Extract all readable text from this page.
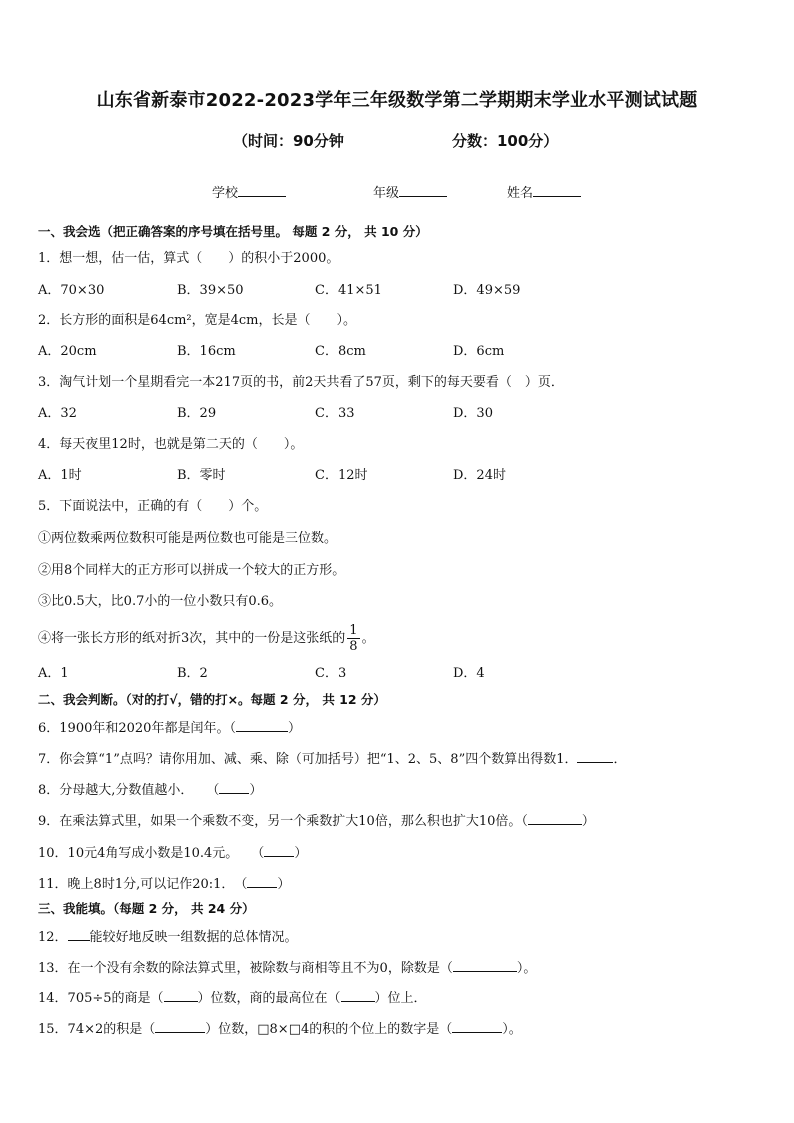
山东省新泰市2022-2023学年三年级数学第二学期期末学业水平测试试题
（时间：90分钟	分数：100分）
学校	年级	姓名
一、我会选（把正确答案的序号填在括号里。 每题 2 分， 共 10 分）
1．想一想，估一估，算式（　　）的积小于2000。
A．70×30	B．39×50	C．41×51	D．49×59
2．长方形的面积是64cm²，宽是4cm，长是（　　）。
A．20cm	B．16cm	C．8cm	D．6cm
3．淘气计划一个星期看完一本217页的书，前2天共看了57页，剩下的每天要看（　）页．
A．32	B．29	C．33	D．30
4．每天夜里12时，也就是第二天的（　　）。
A．1时	B．零时	C．12时	D．24时
5．下面说法中，正确的有（　　）个。
①两位数乘两位数积可能是两位数也可能是三位数。
②用8个同样大的正方形可以拼成一个较大的正方形。
③比0.5大，比0.7小的一位小数只有0.6。
④将一张长方形的纸对折3次，其中的一份是这张纸的 $\frac{1}{8}$ 。
A．1	B．2	C．3	D．4
二、我会判断。（对的打√，错的打×。每题 2 分， 共 12 分）
6．1900年和2020年都是闰年。（	）
7．你会算“1”点吗？请你用加、减、乘、除（可加括号）把“1、2、5、8”四个数算出得数1．	．
8．分母越大,分数值越小．　　（ ）
9．在乘法算式里，如果一个乘数不变，另一个乘数扩大10倍，那么积也扩大10倍。（	）
10．10元4角写成小数是10.4元。　　（ ）
11．晚上8时1分,可以记作20:1．　（ ）
三、我能填。（每题 2 分， 共 24 分）
12． 能较好地反映一组数据的总体情况。
13．在一个没有余数的除法算式里，被除数与商相等且不为0，除数是（	）。
14．705÷5的商是（	）位数，商的最高位在（	）位上．
15．74×2的积是（	）位数，□8×□4的积的个位上的数字是（	）。
